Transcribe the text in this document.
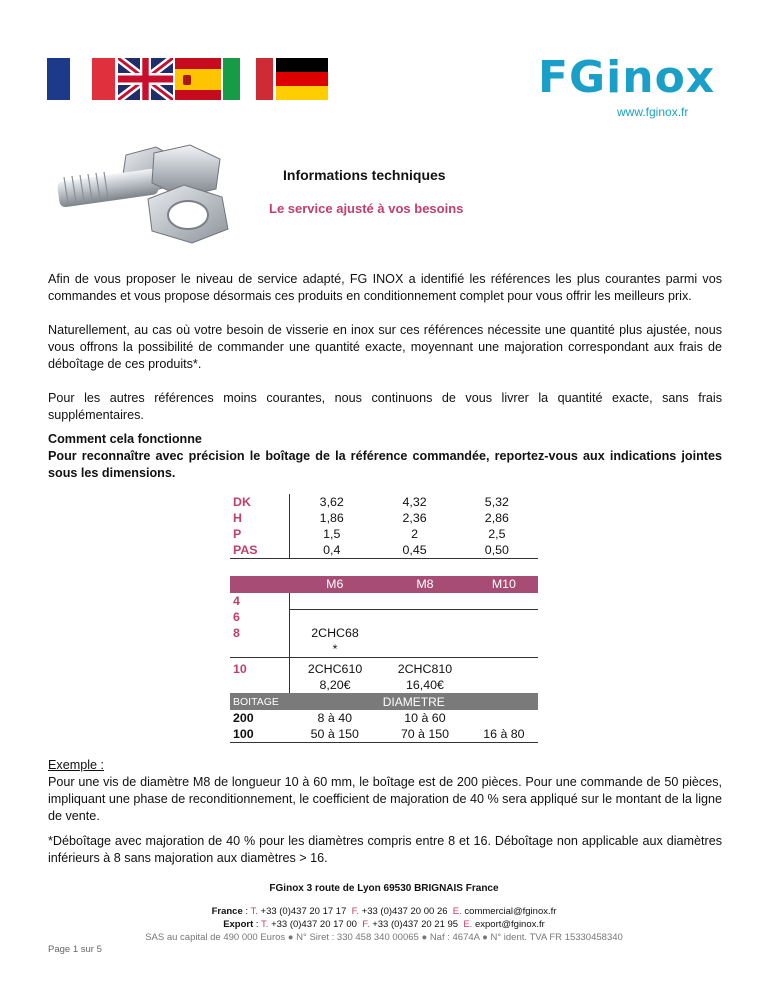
FGinox
www.fginox.fr
Informations techniques
Le service ajusté à vos besoins
Afin de vous proposer le niveau de service adapté, FG INOX a identifié les références les plus courantes parmi vos commandes et vous propose désormais ces produits en conditionnement complet pour vous offrir les meilleurs prix.
Naturellement, au cas où votre besoin de visserie en inox sur ces références nécessite une quantité plus ajustée, nous vous offrons la possibilité de commander une quantité exacte, moyennant une majoration correspondant aux frais de déboîtage de ces produits*.
Pour les autres références moins courantes, nous continuons de vous livrer la quantité exacte, sans frais supplémentaires.
Comment cela fonctionne
Pour reconnaître avec précision le boîtage de la référence commandée, reportez-vous aux indications jointes sous les dimensions.
DK	3,62	4,32	5,32
H	1,86	2,36	2,86
P	1,5	2	2,5
PAS	0,4	0,45	0,50
	M6	M8	M10
4			
6			
8	2CHC68		
	*		
10	2CHC610	2CHC810	
	8,20€	16,40€	
BOITAGE	DIAMETRE		
200	8 à 40	10 à 60	
100	50 à 150	70 à 150	16 à 80
Exemple :
Pour une vis de diamètre M8 de longueur 10 à 60 mm, le boîtage est de 200 pièces. Pour une commande de 50 pièces, impliquant une phase de reconditionnement, le coefficient de majoration de 40 % sera appliqué sur le montant de la ligne de vente.
*Déboîtage avec majoration de 40 % pour les diamètres compris entre 8 et 16. Déboîtage non applicable aux diamètres inférieurs à 8 sans majoration aux diamètres > 16.
FGinox 3 route de Lyon 69530 BRIGNAIS France
France : T. +33 (0)437 20 17 17 F. +33 (0)437 20 00 26 E. commercial@fginox.fr
Export : T. +33 (0)437 20 17 00 F. +33 (0)437 20 21 95 E. export@fginox.fr
SAS au capital de 490 000 Euros ● N° Siret : 330 458 340 00065 ● Naf : 4674A ● N° ident. TVA FR 15330458340
Page 1 sur 5
